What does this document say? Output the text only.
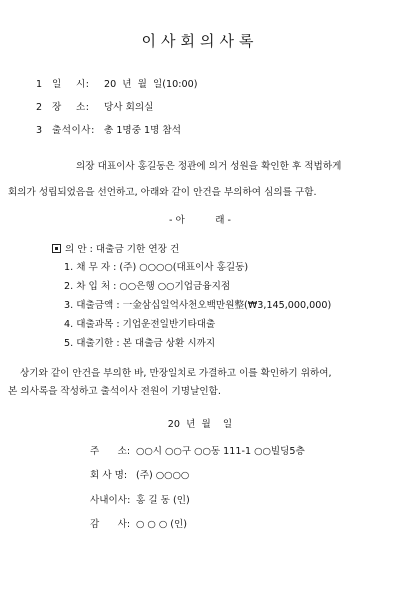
이사회의사록
1 일    시: 20  년  월  일(10:00)
2 장    소: 당사 회의실
3 출석이사: 총 1명중 1명 참석
의장 대표이사 홍길동은 정관에 의거 성원을 확인한 후 적법하게
회의가 성립되었음을 선언하고, 아래와 같이 안건을 부의하여 심의를 구함.
- 아          래 -
의 안 : 대출금 기한 연장 건
1. 채 무 자 : (주) ○○○○(대표이사 홍길동)
2. 차 입 처 : ○○은행 ○○기업금융지점
3. 대출금액 : 一金삼십일억사천오백만원整(₩3,145,000,000)
4. 대출과목 : 기업운전일반기타대출
5. 대출기한 : 본 대출금 상환 시까지
상기와 같이 안건을 부의한 바, 만장일치로 가결하고 이를 확인하기 위하여,
본 의사록을 작성하고 출석이사 전원이 기명날인함.
20  년  월    일
주      소: ○○시 ○○구 ○○동 111-1 ○○빌딩5층
회 사 명: (주) ○○○○
사내이사: 홍 길 동 (인)
감      사: ○ ○ ○ (인)
